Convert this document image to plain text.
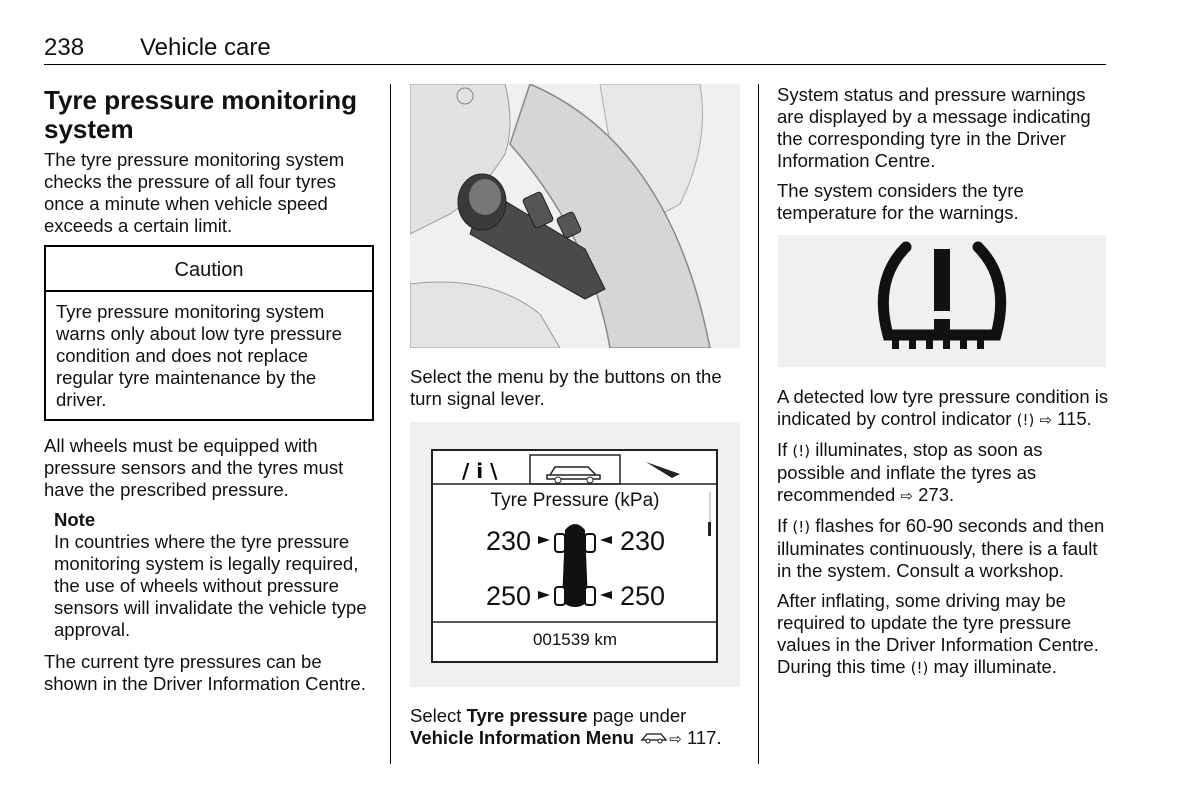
238 Vehicle care
Tyre pressure monitoring
system

The tyre pressure monitoring system checks the pressure of all four tyres once a minute when vehicle speed exceeds a certain limit.

Caution
Tyre pressure monitoring system warns only about low tyre pressure condition and does not replace regular tyre maintenance by the driver.

All wheels must be equipped with pressure sensors and the tyres must have the prescribed pressure.

Note
In countries where the tyre pressure monitoring system is legally required, the use of wheels without pressure sensors will invalidate the vehicle type approval.

The current tyre pressures can be shown in the Driver Information Centre.

Select the menu by the buttons on the turn signal lever.
/ i \
Tyre Pressure (kPa)
230	230
250	250
001539 km
Select Tyre pressure page under
Vehicle Information Menu ⇨ 117.

System status and pressure warnings are displayed by a message indicating the corresponding tyre in the Driver Information Centre.

The system considers the tyre temperature for the warnings.

A detected low tyre pressure condition is indicated by control indicator (!) ⇨ 115.

If (!) illuminates, stop as soon as possible and inflate the tyres as recommended ⇨ 273.

If (!) flashes for 60-90 seconds and then illuminates continuously, there is a fault in the system. Consult a workshop.

After inflating, some driving may be required to update the tyre pressure values in the Driver Information Centre. During this time (!) may illuminate.
